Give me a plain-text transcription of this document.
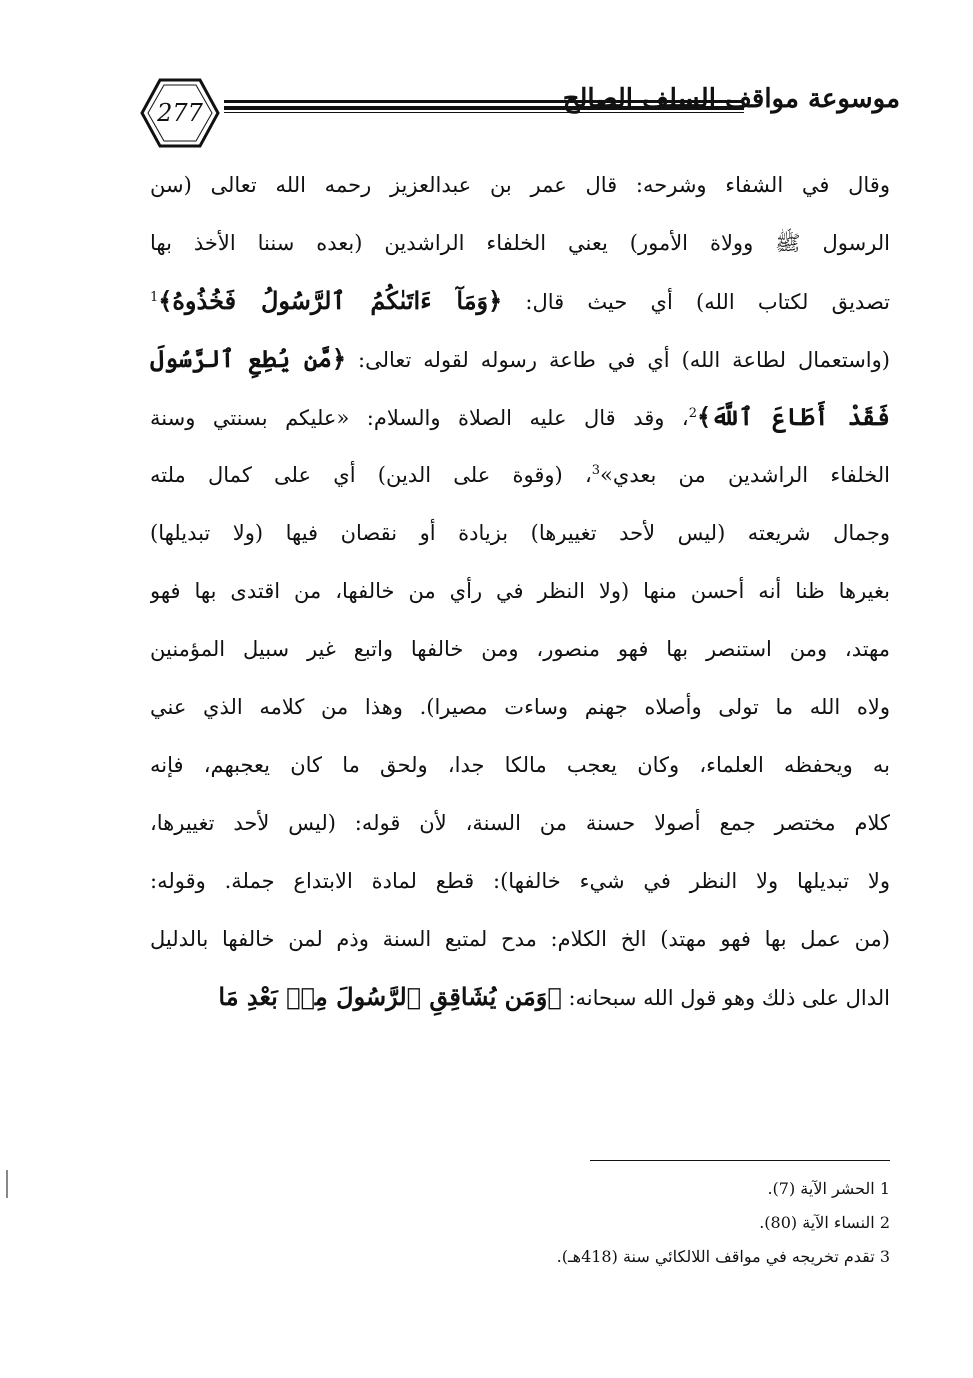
277	موسوعة مواقف السلف الصالح
وقال في الشفاء وشرحه: قال عمر بن عبدالعزيز رحمه الله تعالى (سن
الرسول ﷺ وولاة الأمور) يعني الخلفاء الراشدين (بعده سننا الأخذ بها
تصديق لكتاب الله) أي حيث قال: ﴿وَمَآ ءَاتَىٰكُمُ ٱلرَّسُولُ فَخُذُوهُ﴾$^1$
(واستعمال لطاعة الله) أي في طاعة رسوله لقوله تعالى: ﴿مَّن يُطِعِ ٱلرَّسُولَ
فَقَدْ أَطَاعَ ٱللَّهَ﴾$^2$، وقد قال عليه الصلاة والسلام: «عليكم بسنتي وسنة
الخلفاء الراشدين من بعدي»$^3$، (وقوة على الدين) أي على كمال ملته
وجمال شريعته (ليس لأحد تغييرها) بزيادة أو نقصان فيها (ولا تبديلها)
بغيرها ظنا أنه أحسن منها (ولا النظر في رأي من خالفها، من اقتدى بها فهو
مهتد، ومن استنصر بها فهو منصور، ومن خالفها واتبع غير سبيل المؤمنين
ولاه الله ما تولى وأصلاه جهنم وساءت مصيرا). وهذا من كلامه الذي عني
به ويحفظه العلماء، وكان يعجب مالكا جدا، ولحق ما كان يعجبهم، فإنه
كلام مختصر جمع أصولا حسنة من السنة، لأن قوله: (ليس لأحد تغييرها،
ولا تبديلها ولا النظر في شيء خالفها): قطع لمادة الابتداع جملة. وقوله:
(من عمل بها فهو مهتد) الخ الكلام: مدح لمتبع السنة وذم لمن خالفها بالدليل
الدال على ذلك وهو قول الله سبحانه: ﴿وَمَن يُشَاقِقِ ٱلرَّسُولَ مِنۢ بَعْدِ مَا
1 الحشر الآية (7).
2 النساء الآية (80).
3 تقدم تخريجه في مواقف اللالكائي سنة (418هـ).
